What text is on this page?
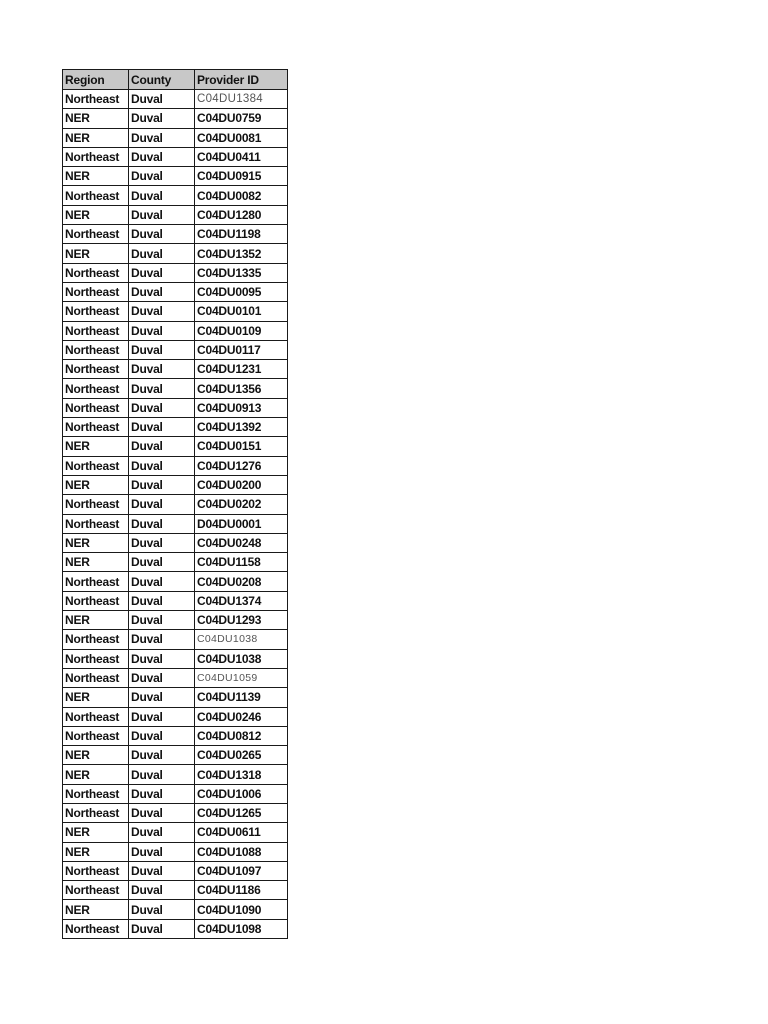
Region	County	Provider ID
Northeast	Duval	C04DU1384
NER	Duval	C04DU0759
NER	Duval	C04DU0081
Northeast	Duval	C04DU0411
NER	Duval	C04DU0915
Northeast	Duval	C04DU0082
NER	Duval	C04DU1280
Northeast	Duval	C04DU1198
NER	Duval	C04DU1352
Northeast	Duval	C04DU1335
Northeast	Duval	C04DU0095
Northeast	Duval	C04DU0101
Northeast	Duval	C04DU0109
Northeast	Duval	C04DU0117
Northeast	Duval	C04DU1231
Northeast	Duval	C04DU1356
Northeast	Duval	C04DU0913
Northeast	Duval	C04DU1392
NER	Duval	C04DU0151
Northeast	Duval	C04DU1276
NER	Duval	C04DU0200
Northeast	Duval	C04DU0202
Northeast	Duval	D04DU0001
NER	Duval	C04DU0248
NER	Duval	C04DU1158
Northeast	Duval	C04DU0208
Northeast	Duval	C04DU1374
NER	Duval	C04DU1293
Northeast	Duval	C04DU1038
Northeast	Duval	C04DU1038
Northeast	Duval	C04DU1059
NER	Duval	C04DU1139
Northeast	Duval	C04DU0246
Northeast	Duval	C04DU0812
NER	Duval	C04DU0265
NER	Duval	C04DU1318
Northeast	Duval	C04DU1006
Northeast	Duval	C04DU1265
NER	Duval	C04DU0611
NER	Duval	C04DU1088
Northeast	Duval	C04DU1097
Northeast	Duval	C04DU1186
NER	Duval	C04DU1090
Northeast	Duval	C04DU1098
